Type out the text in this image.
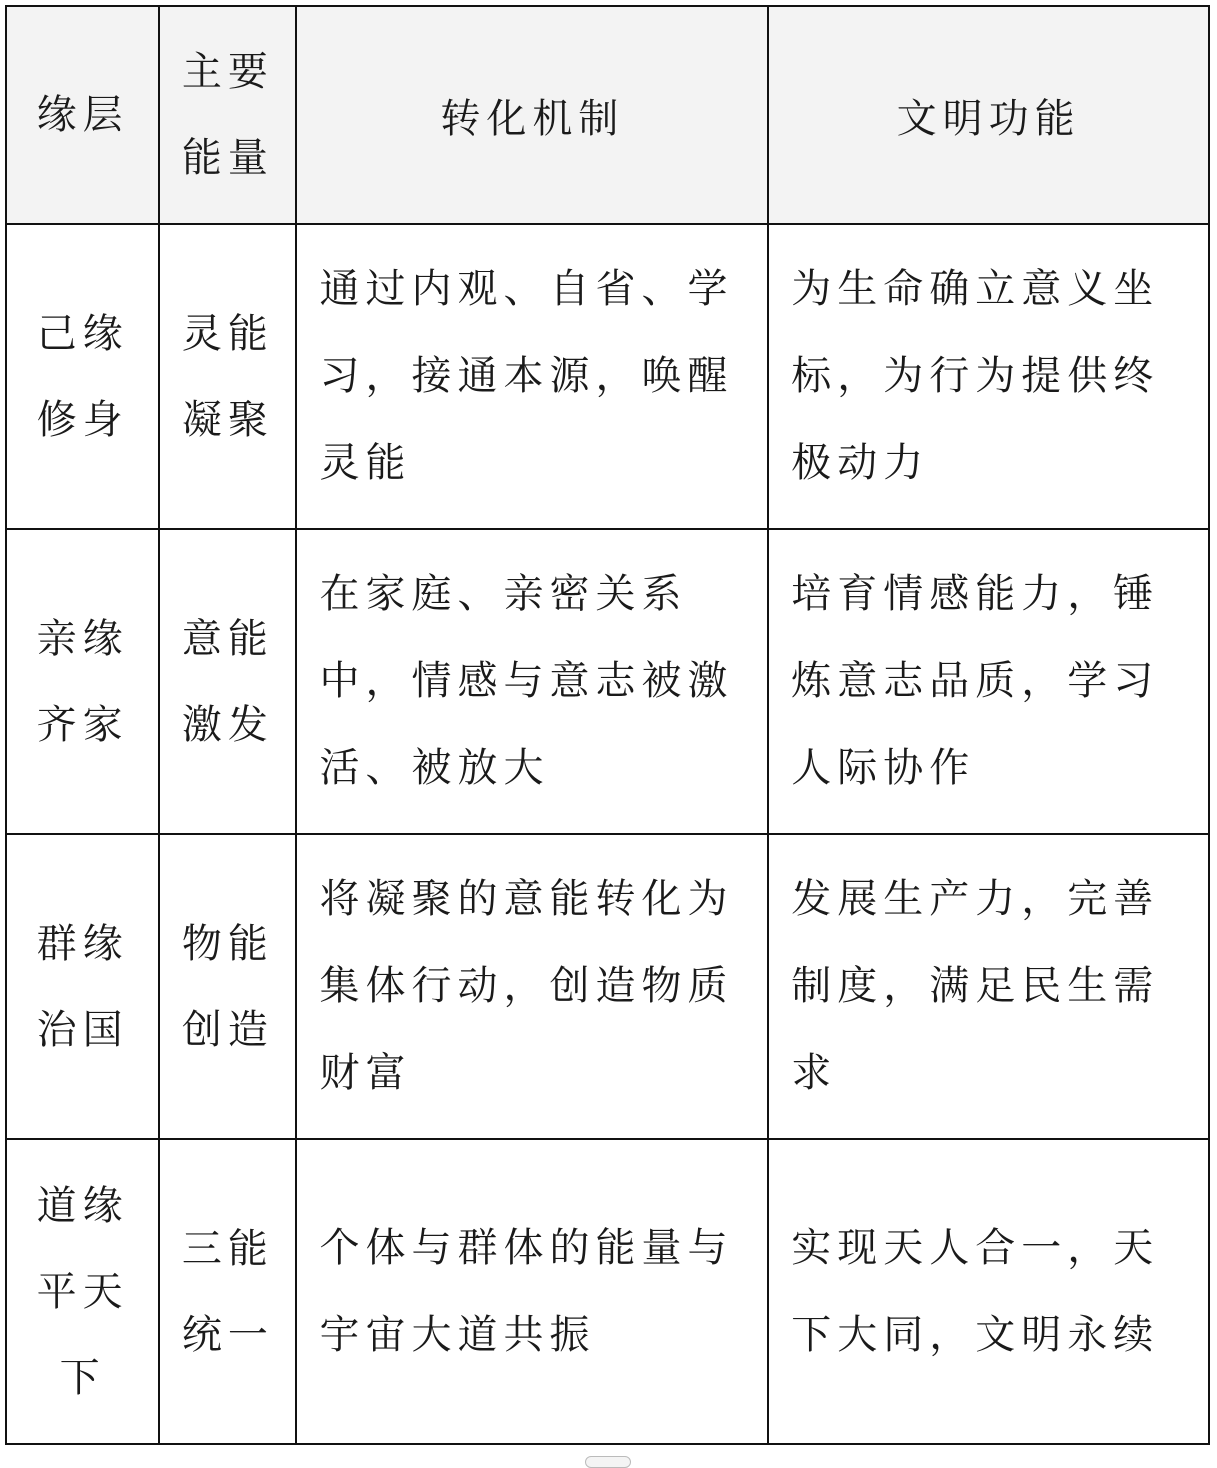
缘层	主要能量	转化机制	文明功能
己缘修身	灵能凝聚	通过内观、自省、学习，接通本源，唤醒灵能	为生命确立意义坐标，为行为提供终极动力

亲缘齐家	意能激发	在家庭、亲密关系中，情感与意志被激活、被放大	培育情感能力，锤炼意志品质，学习人际协作

群缘治国	物能创造	将凝聚的意能转化为集体行动，创造物质财富	发展生产力，完善制度，满足民生需求

道缘平天下	三能统一	个体与群体的能量与宇宙大道共振	实现天人合一，天下大同，文明永续
